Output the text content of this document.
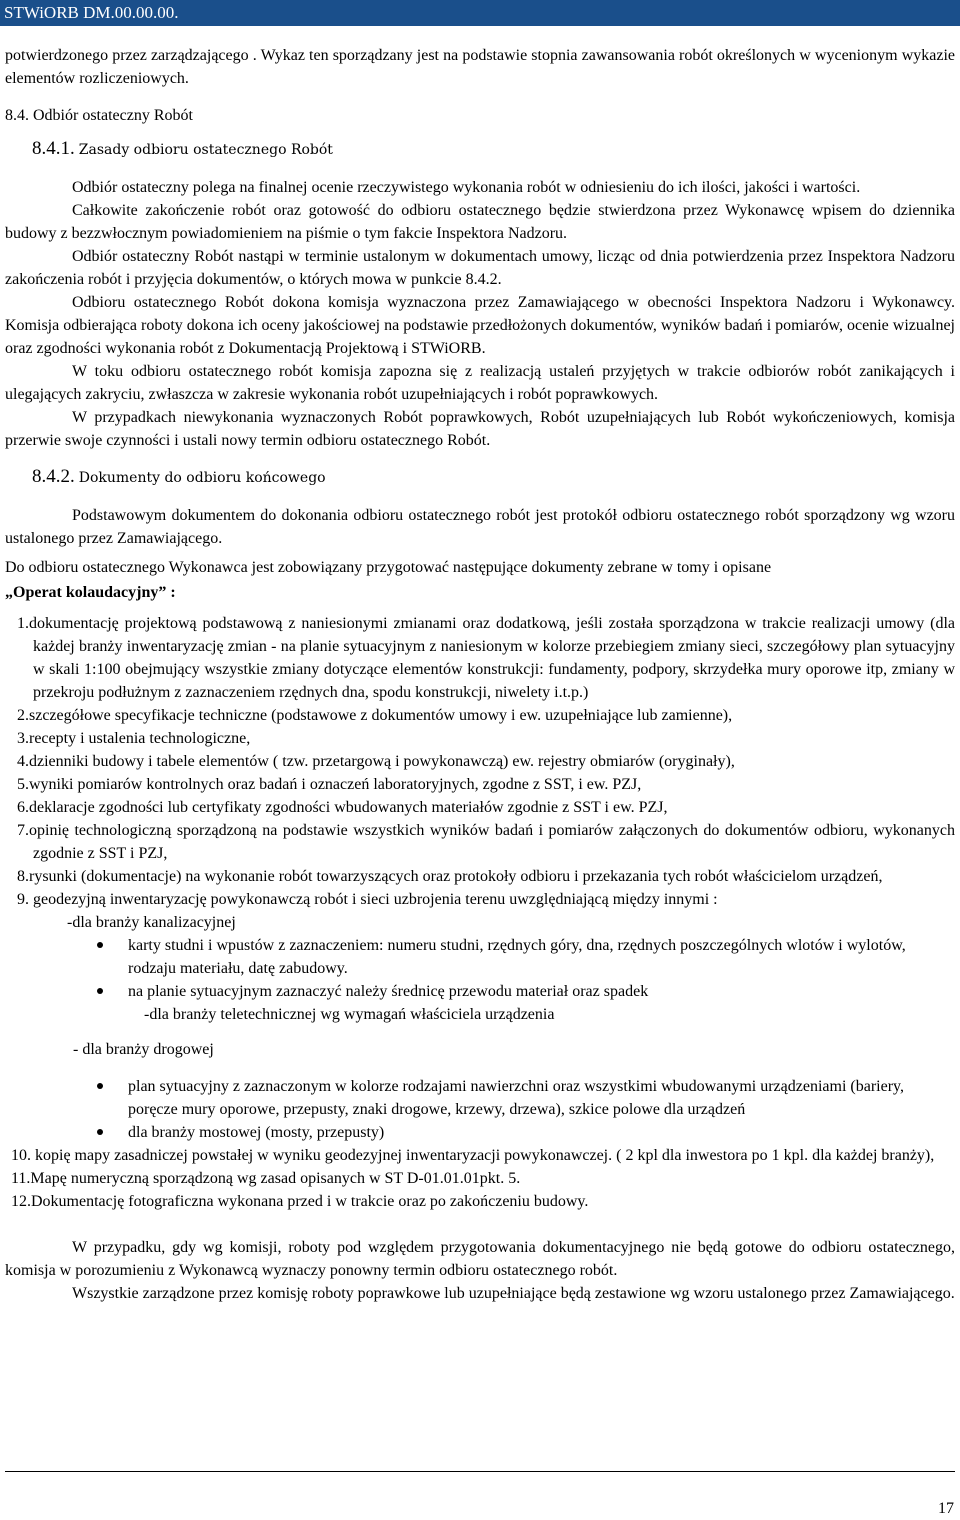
STWiORB DM.00.00.00.

potwierdzonego przez zarządzającego . Wykaz ten sporządzany jest na podstawie stopnia zawansowania robót określonych w wycenionym wykazie elementów rozliczeniowych.

8.4. Odbiór ostateczny Robót

8.4.1. Zasady odbioru ostatecznego Robót

Odbiór ostateczny polega na finalnej ocenie rzeczywistego wykonania robót w odniesieniu do ich ilości, jakości i wartości.

Całkowite zakończenie robót oraz gotowość do odbioru ostatecznego będzie stwierdzona przez Wykonawcę wpisem do dziennika budowy z bezzwłocznym powiadomieniem na piśmie o tym fakcie Inspektora Nadzoru.

Odbiór ostateczny Robót nastąpi w terminie ustalonym w dokumentach umowy, licząc od dnia potwierdzenia przez Inspektora Nadzoru zakończenia robót i przyjęcia dokumentów, o których mowa w punkcie 8.4.2.

Odbioru ostatecznego Robót dokona komisja wyznaczona przez Zamawiającego w obecności Inspektora Nadzoru i Wykonawcy. Komisja odbierająca roboty dokona ich oceny jakościowej na podstawie przedłożonych dokumentów, wyników badań i pomiarów, ocenie wizualnej oraz zgodności wykonania robót z Dokumentacją Projektową i STWiORB.

W toku odbioru ostatecznego robót komisja zapozna się z realizacją ustaleń przyjętych w trakcie odbiorów robót zanikających i ulegających zakryciu, zwłaszcza w zakresie wykonania robót uzupełniających i robót poprawkowych.

W przypadkach niewykonania wyznaczonych Robót poprawkowych, Robót uzupełniających lub Robót wykończeniowych, komisja przerwie swoje czynności i ustali nowy termin odbioru ostatecznego Robót.

8.4.2. Dokumenty do odbioru końcowego

Podstawowym dokumentem do dokonania odbioru ostatecznego robót jest protokół odbioru ostatecznego robót sporządzony wg wzoru ustalonego przez Zamawiającego.

Do odbioru ostatecznego Wykonawca jest zobowiązany przygotować następujące dokumenty zebrane w tomy i opisane

„Operat kolaudacyjny” :

1.dokumentację projektową podstawową z naniesionymi zmianami oraz dodatkową, jeśli została sporządzona w trakcie realizacji umowy (dla każdej branży inwentaryzację zmian - na planie sytuacyjnym z naniesionym w kolorze przebiegiem zmiany sieci, szczegółowy plan sytuacyjny w skali 1:100 obejmujący wszystkie zmiany dotyczące elementów konstrukcji: fundamenty, podpory, skrzydełka mury oporowe itp, zmiany w przekroju podłużnym z zaznaczeniem rzędnych dna, spodu konstrukcji, niwelety i.t.p.)
2.szczegółowe specyfikacje techniczne (podstawowe z dokumentów umowy i ew. uzupełniające lub zamienne),
3.recepty i ustalenia technologiczne,
4.dzienniki budowy i tabele elementów ( tzw. przetargową i powykonawczą) ew. rejestry obmiarów (oryginały),
5.wyniki pomiarów kontrolnych oraz badań i oznaczeń laboratoryjnych, zgodne z SST, i ew. PZJ,
6.deklaracje zgodności lub certyfikaty zgodności wbudowanych materiałów zgodnie z SST i ew. PZJ,
7.opinię technologiczną sporządzoną na podstawie wszystkich wyników badań i pomiarów załączonych do dokumentów odbioru, wykonanych zgodnie z SST i PZJ,
8.rysunki (dokumentacje) na wykonanie robót towarzyszących oraz protokoły odbioru i przekazania tych robót właścicielom urządzeń,
9. geodezyjną inwentaryzację powykonawczą robót i sieci uzbrojenia terenu uwzględniającą między innymi :

-dla branży kanalizacyjnej

karty studni i wpustów z zaznaczeniem: numeru studni, rzędnych góry, dna, rzędnych poszczególnych wlotów i wylotów, rodzaju materiału, datę zabudowy.
na planie sytuacyjnym zaznaczyć należy średnicę przewodu materiał oraz spadek

-dla branży teletechnicznej wg wymagań właściciela urządzenia

- dla branży drogowej

plan sytuacyjny z zaznaczonym w kolorze rodzajami nawierzchni oraz wszystkimi wbudowanymi urządzeniami (bariery, poręcze mury oporowe, przepusty, znaki drogowe, krzewy, drzewa), szkice polowe dla urządzeń
dla branży mostowej (mosty, przepusty)
10. kopię mapy zasadniczej powstałej w wyniku geodezyjnej inwentaryzacji powykonawczej. ( 2 kpl dla inwestora po 1 kpl. dla każdej branży),
11.Mapę numeryczną sporządzoną wg zasad opisanych w ST D-01.01.01pkt. 5.
12.Dokumentację fotograficzna wykonana przed i w trakcie oraz po zakończeniu budowy.

W przypadku, gdy wg komisji, roboty pod względem przygotowania dokumentacyjnego nie będą gotowe do odbioru ostatecznego, komisja w porozumieniu z Wykonawcą wyznaczy ponowny termin odbioru ostatecznego robót.

Wszystkie zarządzone przez komisję roboty poprawkowe lub uzupełniające będą zestawione wg wzoru ustalonego przez Zamawiającego.

17
